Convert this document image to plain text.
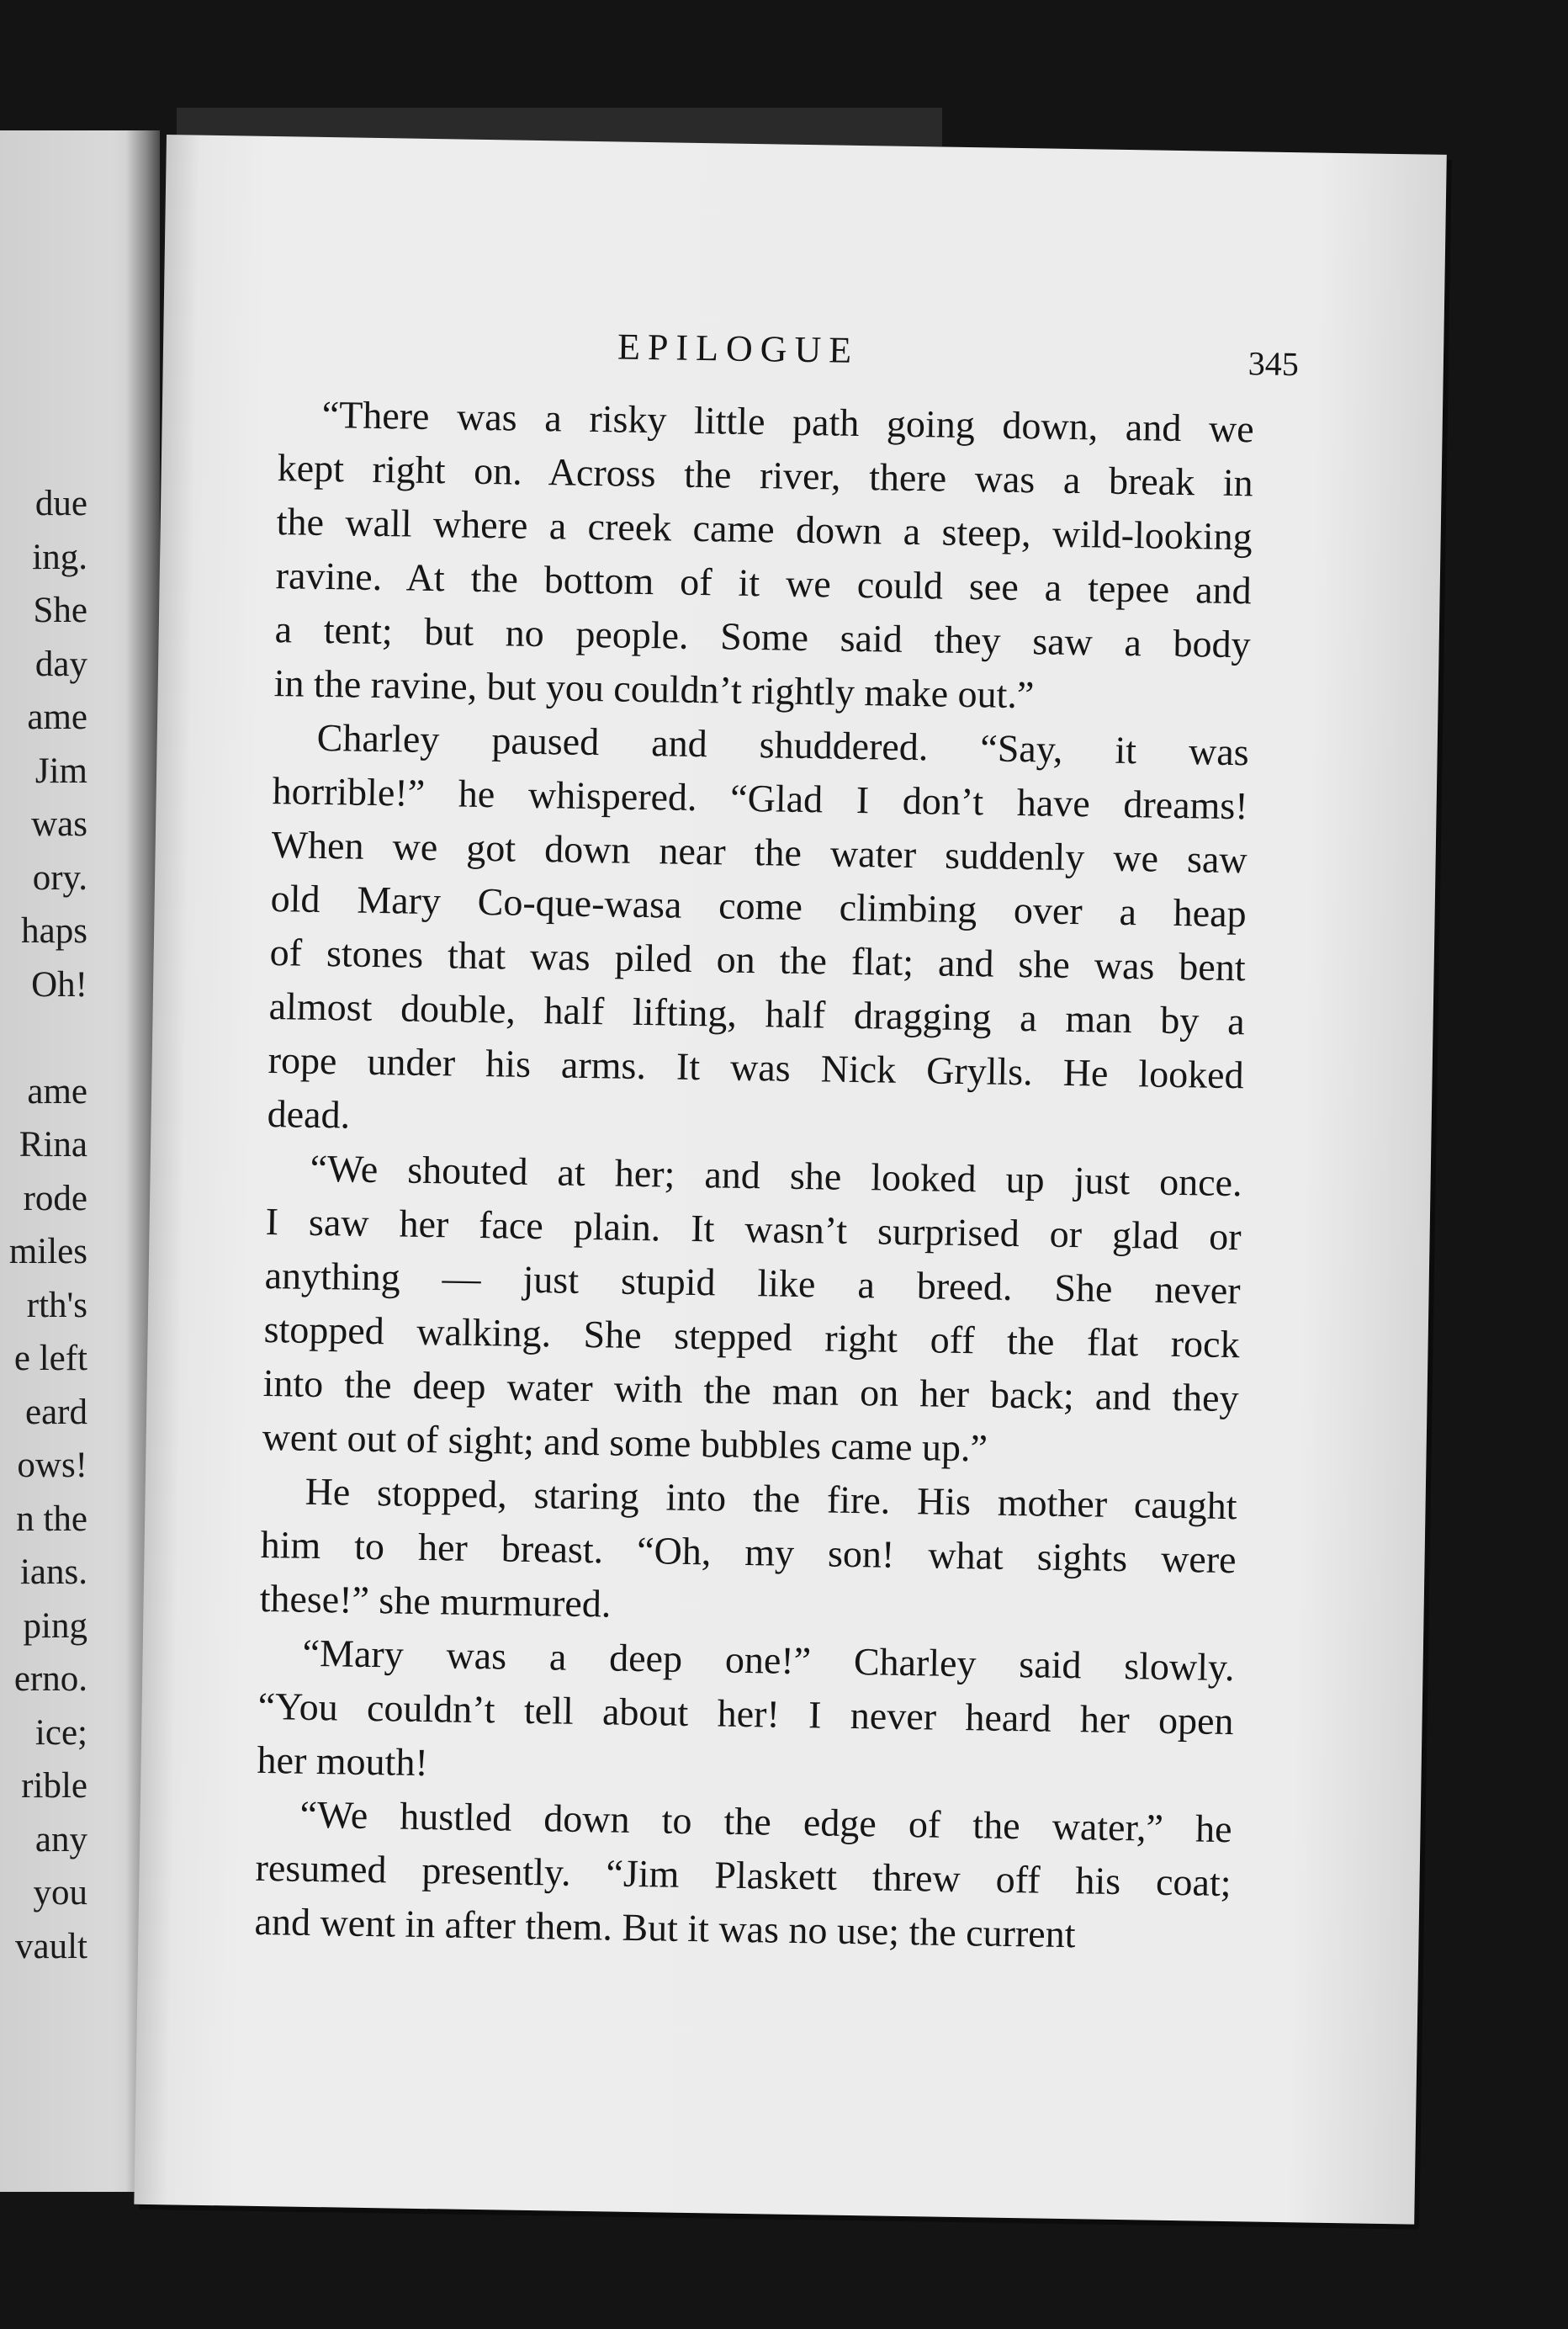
due
ing.
She
day
ame
Jim
was
ory.
haps
Oh!
ame
Rina
rode
miles
rth's
e left
eard
ows!
n the
ians.
ping
erno.
ice;
rible
any
you
vault
EPILOGUE	345

“There was a risky little path going down, and we
kept right on. Across the river, there was a break in
the wall where a creek came down a steep, wild-looking
ravine. At the bottom of it we could see a tepee and
a tent; but no people. Some said they saw a body
in the ravine, but you couldn’t rightly make out.”

Charley paused and shuddered. “Say, it was
horrible!” he whispered. “Glad I don’t have dreams!
When we got down near the water suddenly we saw
old Mary Co-que-wasa come climbing over a heap
of stones that was piled on the flat; and she was bent
almost double, half lifting, half dragging a man by a
rope under his arms. It was Nick Grylls. He looked
dead.

“We shouted at her; and she looked up just once.
I saw her face plain. It wasn’t surprised or glad or
anything — just stupid like a breed. She never
stopped walking. She stepped right off the flat rock
into the deep water with the man on her back; and they
went out of sight; and some bubbles came up.”

He stopped, staring into the fire. His mother caught
him to her breast. “Oh, my son! what sights were
these!” she murmured.

“Mary was a deep one!” Charley said slowly.
“You couldn’t tell about her! I never heard her open
her mouth!

“We hustled down to the edge of the water,” he
resumed presently. “Jim Plaskett threw off his coat;
and went in after them. But it was no use; the current
